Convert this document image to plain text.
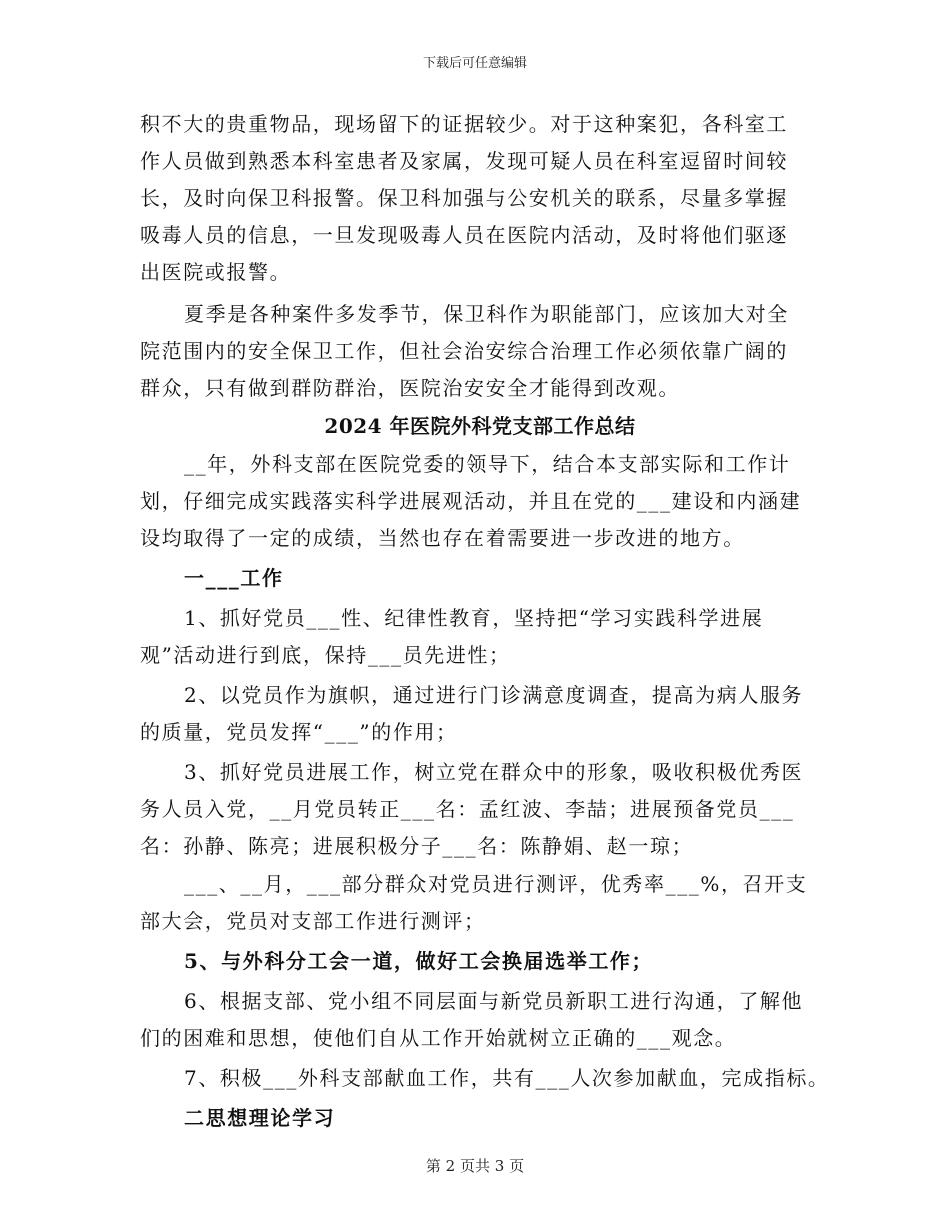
下载后可任意编辑
积不大的贵重物品，现场留下的证据较少。对于这种案犯，各科室工
作人员做到熟悉本科室患者及家属，发现可疑人员在科室逗留时间较
长，及时向保卫科报警。保卫科加强与公安机关的联系，尽量多掌握
吸毒人员的信息，一旦发现吸毒人员在医院内活动，及时将他们驱逐
出医院或报警。
夏季是各种案件多发季节，保卫科作为职能部门，应该加大对全
院范围内的安全保卫工作，但社会治安综合治理工作必须依靠广阔的
群众，只有做到群防群治，医院治安安全才能得到改观。
2024 年医院外科党支部工作总结
__年，外科支部在医院党委的领导下，结合本支部实际和工作计
划，仔细完成实践落实科学进展观活动，并且在党的___建设和内涵建
设均取得了一定的成绩，当然也存在着需要进一步改进的地方。
一___工作
1、抓好党员___性、纪律性教育，坚持把“学习实践科学进展
观”活动进行到底，保持___员先进性；
2、以党员作为旗帜，通过进行门诊满意度调查，提高为病人服务
的质量，党员发挥“___”的作用；
3、抓好党员进展工作，树立党在群众中的形象，吸收积极优秀医
务人员入党，__月党员转正___名：孟红波、李喆；进展预备党员___
名：孙静、陈亮；进展积极分子___名：陈静娟、赵一琼；
___、__月，___部分群众对党员进行测评，优秀率___%，召开支
部大会，党员对支部工作进行测评；
5、与外科分工会一道，做好工会换届选举工作；
6、根据支部、党小组不同层面与新党员新职工进行沟通，了解他
们的困难和思想，使他们自从工作开始就树立正确的___观念。
7、积极___外科支部献血工作，共有___人次参加献血，完成指标。
二思想理论学习
第 2 页共 3 页
